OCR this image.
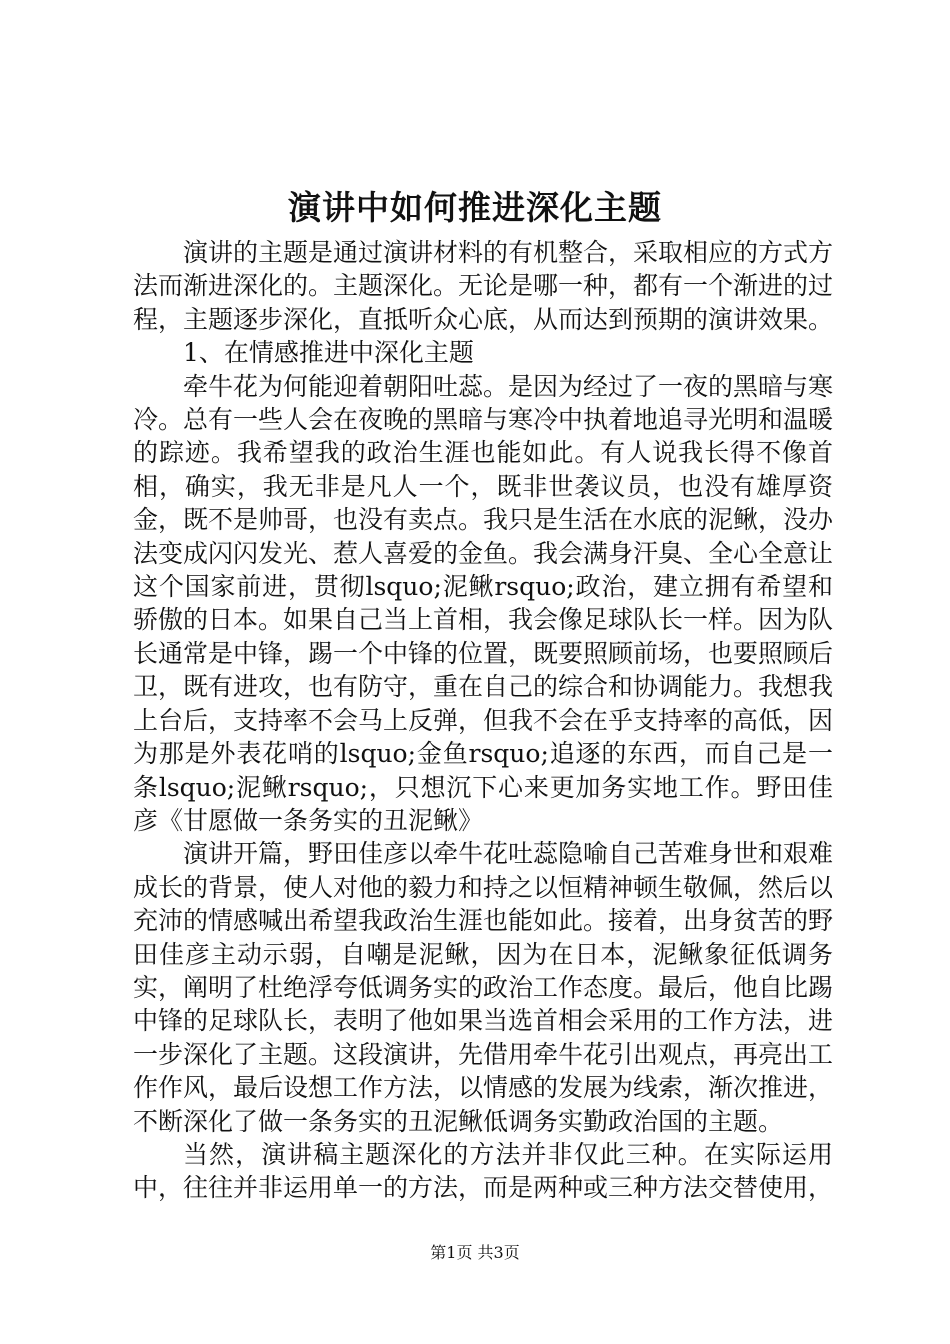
演讲中如何推进深化主题

演讲的主题是通过演讲材料的有机整合，采取相应的方式方法而渐进深化的。主题深化。无论是哪一种，都有一个渐进的过程，主题逐步深化，直抵听众心底，从而达到预期的演讲效果。

1、在情感推进中深化主题

牵牛花为何能迎着朝阳吐蕊。是因为经过了一夜的黑暗与寒冷。总有一些人会在夜晚的黑暗与寒冷中执着地追寻光明和温暖的踪迹。我希望我的政治生涯也能如此。有人说我长得不像首相，确实，我无非是凡人一个，既非世袭议员，也没有雄厚资金，既不是帅哥，也没有卖点。我只是生活在水底的泥鳅，没办法变成闪闪发光、惹人喜爱的金鱼。我会满身汗臭、全心全意让这个国家前进，贯彻lsquo;泥鳅rsquo;政治，建立拥有希望和骄傲的日本。如果自己当上首相，我会像足球队长一样。因为队长通常是中锋，踢一个中锋的位置，既要照顾前场，也要照顾后卫，既有进攻，也有防守，重在自己的综合和协调能力。我想我上台后，支持率不会马上反弹，但我不会在乎支持率的高低，因为那是外表花哨的lsquo;金鱼rsquo;追逐的东西，而自己是一条lsquo;泥鳅rsquo;，只想沉下心来更加务实地工作。野田佳彦《甘愿做一条务实的丑泥鳅》

演讲开篇，野田佳彦以牵牛花吐蕊隐喻自己苦难身世和艰难成长的背景，使人对他的毅力和持之以恒精神顿生敬佩，然后以充沛的情感喊出希望我政治生涯也能如此。接着，出身贫苦的野田佳彦主动示弱，自嘲是泥鳅，因为在日本，泥鳅象征低调务实，阐明了杜绝浮夸低调务实的政治工作态度。最后，他自比踢中锋的足球队长，表明了他如果当选首相会采用的工作方法，进一步深化了主题。这段演讲，先借用牵牛花引出观点，再亮出工作作风，最后设想工作方法，以情感的发展为线索，渐次推进，不断深化了做一条务实的丑泥鳅低调务实勤政治国的主题。

当然，演讲稿主题深化的方法并非仅此三种。在实际运用中，往往并非运用单一的方法，而是两种或三种方法交替使用，

第1页 共3页
